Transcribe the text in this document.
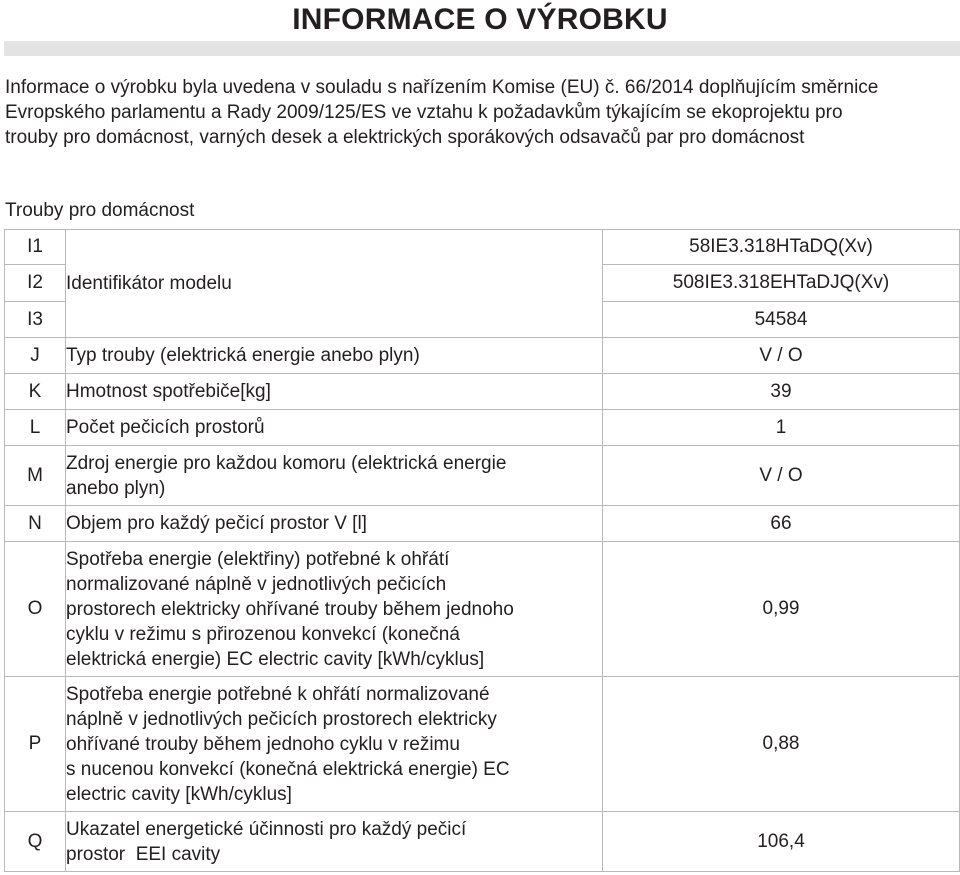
INFORMACE O VÝROBKU
Informace o výrobku byla uvedena v souladu s nařízením Komise (EU) č. 66/2014 doplňujícím směrnice
Evropského parlamentu a Rady 2009/125/ES ve vztahu k požadavkům týkajícím se ekoprojektu pro
trouby pro domácnost, varných desek a elektrických sporákových odsavačů par pro domácnost
Trouby pro domácnost
I1	Identifikátor modelu	58IE3.318HTaDQ(Xv)
I2		508IE3.318EHTaDJQ(Xv)
I3		54584
J	Typ trouby (elektrická energie anebo plyn)	V / O
K	Hmotnost spotřebiče[kg]	39
L	Počet pečicích prostorů	1
M	Zdroj energie pro každou komoru (elektrická energie
anebo plyn)	V / O
N	Objem pro každý pečicí prostor V [l]	66
O	Spotřeba energie (elektřiny) potřebné k ohřátí
normalizované náplně v jednotlivých pečicích
prostorech elektricky ohřívané trouby během jednoho
cyklu v režimu s přirozenou konvekcí (konečná
elektrická energie) EC electric cavity [kWh/cyklus]	0,99
P	Spotřeba energie potřebné k ohřátí normalizované
náplně v jednotlivých pečicích prostorech elektricky
ohřívané trouby během jednoho cyklu v režimu
s nucenou konvekcí (konečná elektrická energie) EC
electric cavity [kWh/cyklus]	0,88
Q	Ukazatel energetické účinnosti pro každý pečicí
prostor  EEI cavity	106,4
